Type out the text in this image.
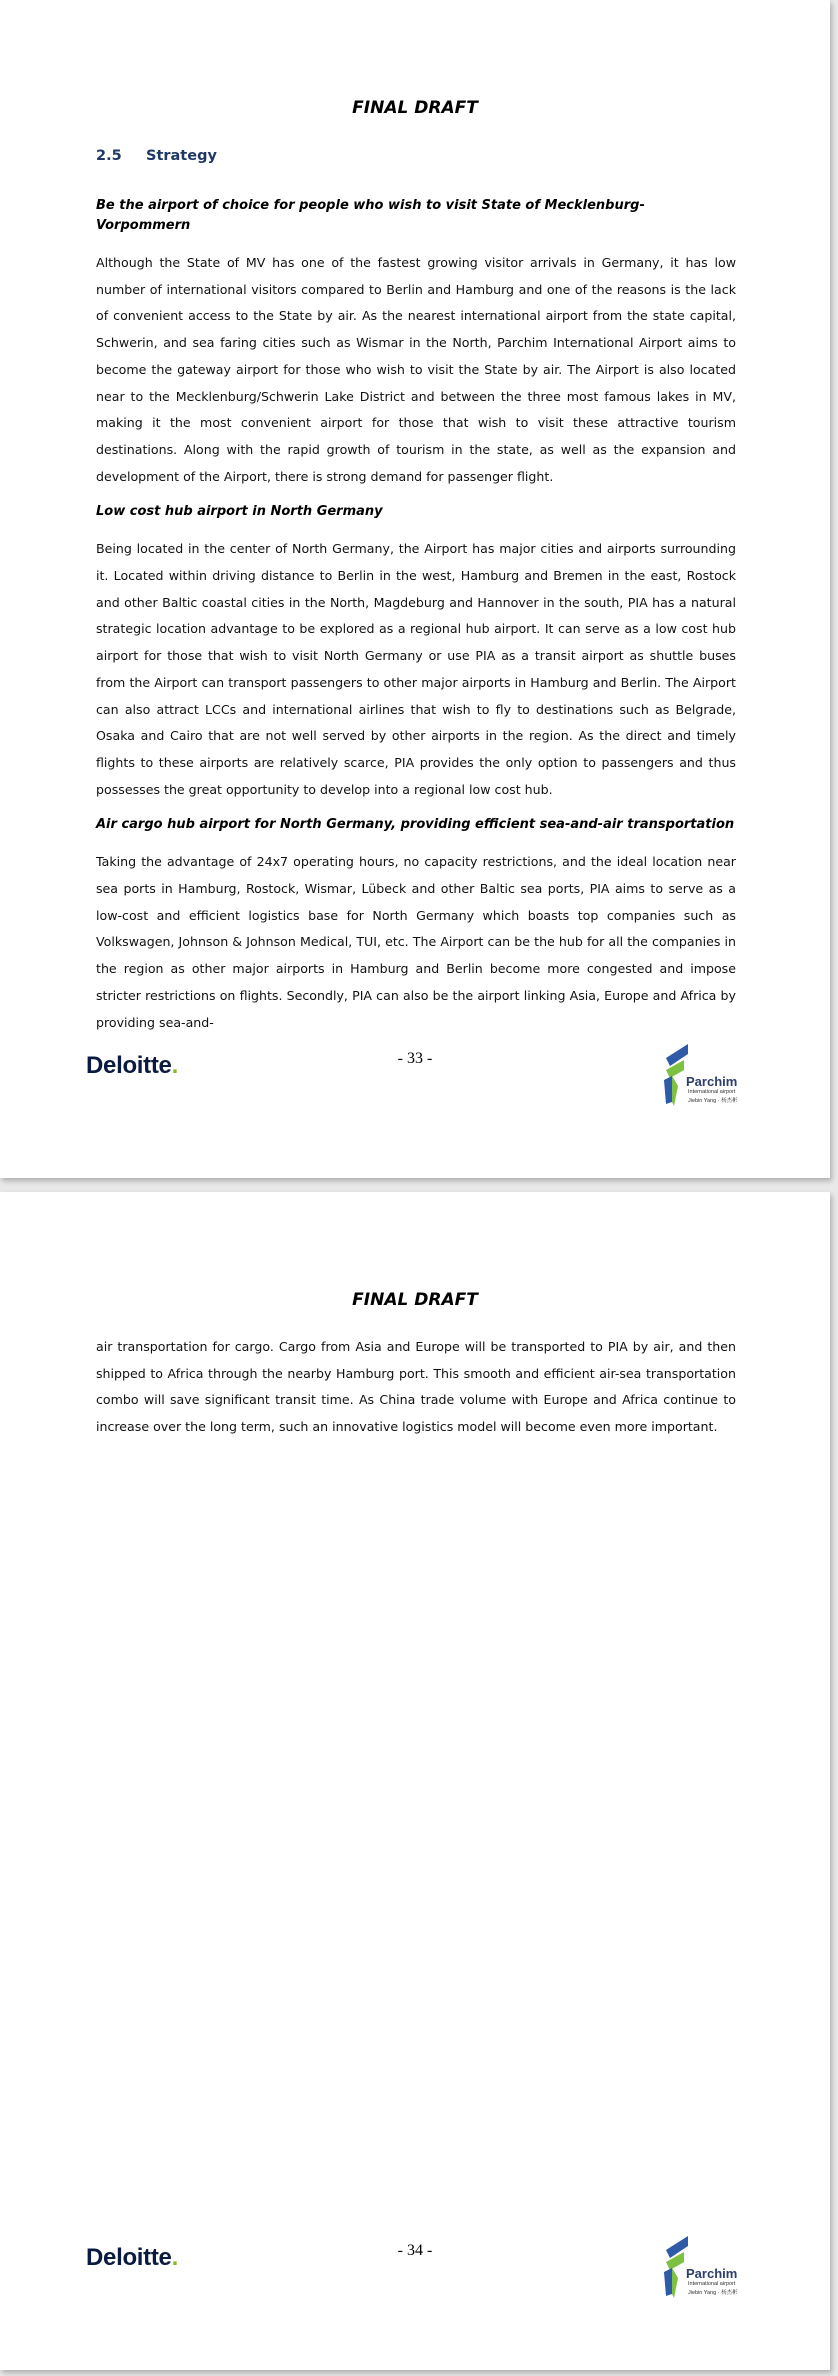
FINAL DRAFT
2.5 Strategy
Be the airport of choice for people who wish to visit State of Mecklenburg-Vorpommern

Although the State of MV has one of the fastest growing visitor arrivals in Germany, it has low number of international visitors compared to Berlin and Hamburg and one of the reasons is the lack of convenient access to the State by air. As the nearest international airport from the state capital, Schwerin, and sea faring cities such as Wismar in the North, Parchim International Airport aims to become the gateway airport for those who wish to visit the State by air. The Airport is also located near to the Mecklenburg/Schwerin Lake District and between the three most famous lakes in MV, making it the most convenient airport for those that wish to visit these attractive tourism destinations. Along with the rapid growth of tourism in the state, as well as the expansion and development of the Airport, there is strong demand for passenger flight.

Low cost hub airport in North Germany

Being located in the center of North Germany, the Airport has major cities and airports surrounding it. Located within driving distance to Berlin in the west, Hamburg and Bremen in the east, Rostock and other Baltic coastal cities in the North, Magdeburg and Hannover in the south, PIA has a natural strategic location advantage to be explored as a regional hub airport. It can serve as a low cost hub airport for those that wish to visit North Germany or use PIA as a transit airport as shuttle buses from the Airport can transport passengers to other major airports in Hamburg and Berlin. The Airport can also attract LCCs and international airlines that wish to fly to destinations such as Belgrade, Osaka and Cairo that are not well served by other airports in the region. As the direct and timely flights to these airports are relatively scarce, PIA provides the only option to passengers and thus possesses the great opportunity to develop into a regional low cost hub.

Air cargo hub airport for North Germany, providing efficient sea-and-air transportation

Taking the advantage of 24x7 operating hours, no capacity restrictions, and the ideal location near sea ports in Hamburg, Rostock, Wismar, Lübeck and other Baltic sea ports, PIA aims to serve as a low-cost and efficient logistics base for North Germany which boasts top companies such as Volkswagen, Johnson & Johnson Medical, TUI, etc. The Airport can be the hub for all the companies in the region as other major airports in Hamburg and Berlin become more congested and impose stricter restrictions on flights. Secondly, PIA can also be the airport linking Asia, Europe and Africa by providing sea-and-

Deloitte.	- 33 -
Parchim
International airport
Jiebin Yang · 杨杰彬
FINAL DRAFT

air transportation for cargo. Cargo from Asia and Europe will be transported to PIA by air, and then shipped to Africa through the nearby Hamburg port. This smooth and efficient air-sea transportation combo will save significant transit time. As China trade volume with Europe and Africa continue to increase over the long term, such an innovative logistics model will become even more important.

Deloitte.	- 34 -
Parchim
International airport
Jiebin Yang · 杨杰彬
